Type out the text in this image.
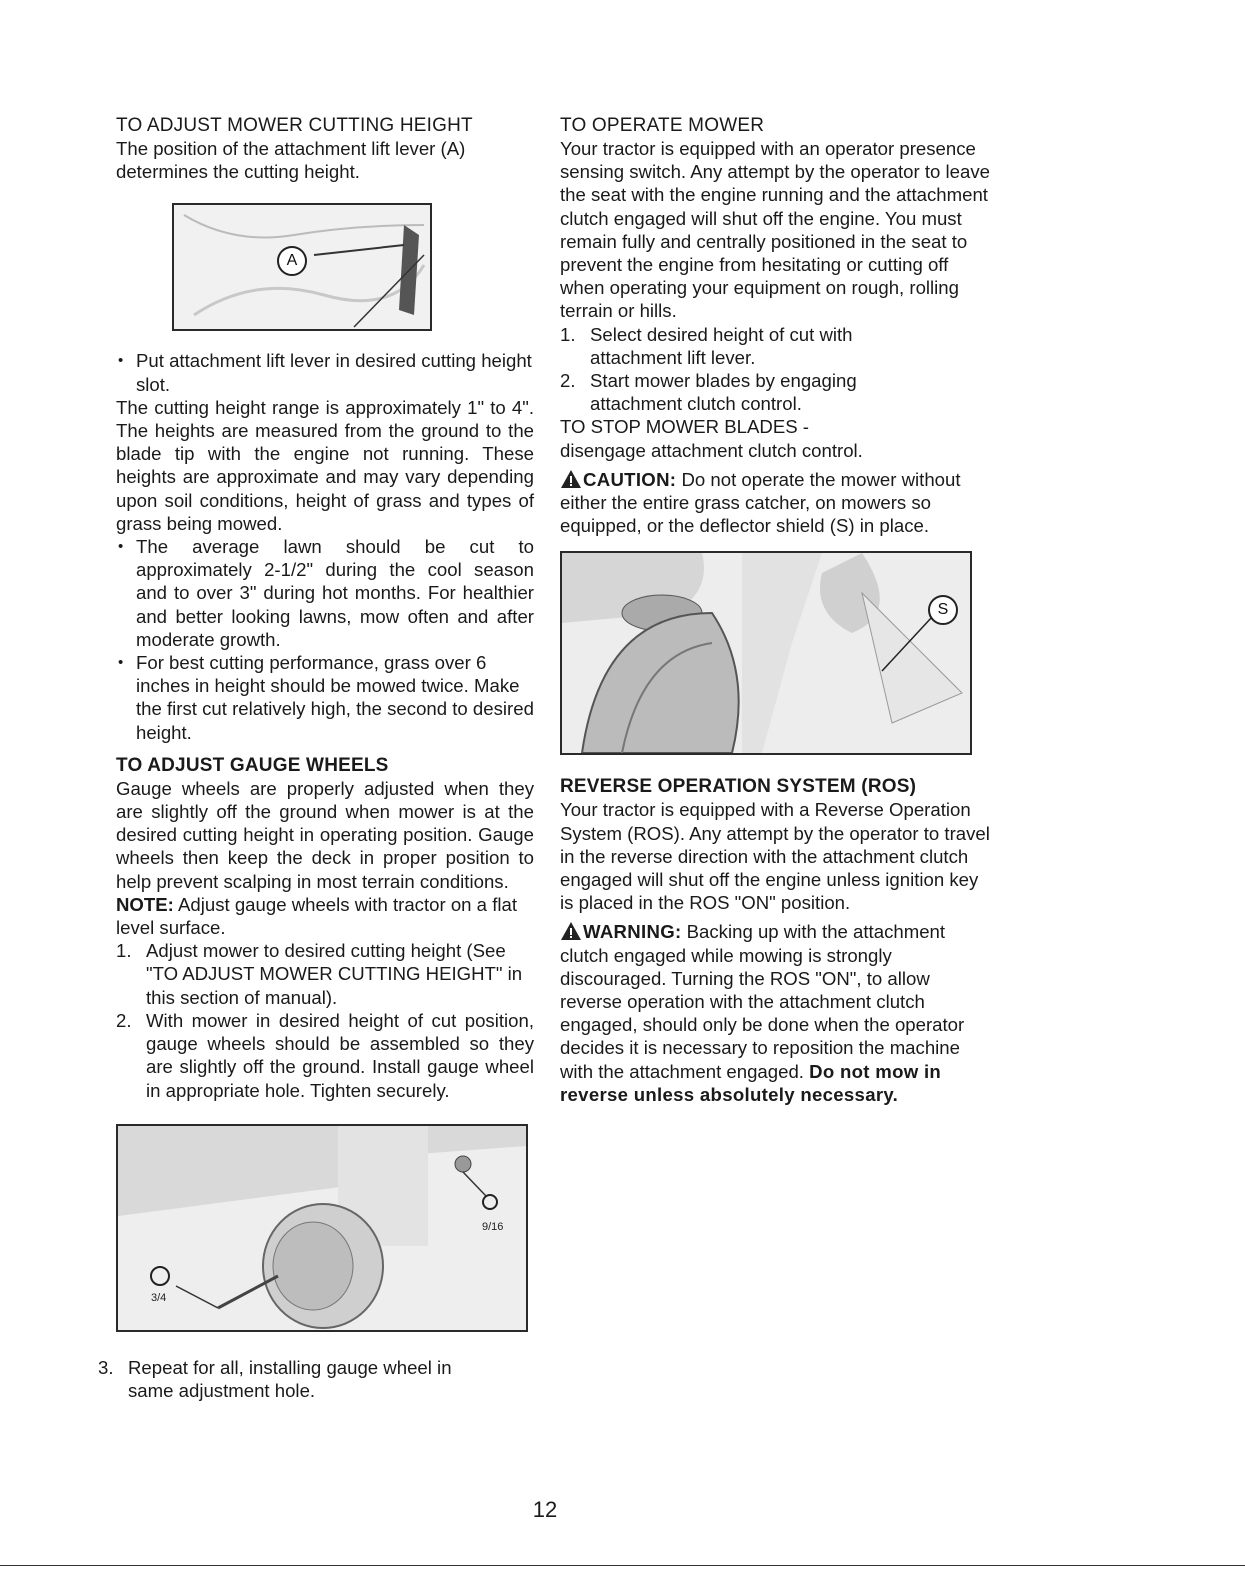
TO ADJUST MOWER CUTTING HEIGHT

The position of the attachment lift lever (A) determines the cutting height.

A
• Put attachment lift lever in desired cutting height slot.

The cutting height range is approximately 1" to 4". The heights are measured from the ground to the blade tip with the engine not running. These heights are approximate and may vary depending upon soil conditions, height of grass and types of grass being mowed.

• The average lawn should be cut to approximately 2-1/2" during the cool season and to over 3" during hot months. For healthier and better looking lawns, mow often and after moderate growth.
• For best cutting performance, grass over 6 inches in height should be mowed twice. Make the first cut relatively high, the second to desired height.
TO ADJUST GAUGE WHEELS

Gauge wheels are properly adjusted when they are slightly off the ground when mower is at the desired cutting height in operating position. Gauge wheels then keep the deck in proper position to help prevent scalping in most terrain conditions.

NOTE: Adjust gauge wheels with tractor on a flat level surface.

1. Adjust mower to desired cutting height (See "TO ADJUST MOWER CUTTING HEIGHT" in this section of manual).
2. With mower in desired height of cut position, gauge wheels should be assembled so they are slightly off the ground. Install gauge wheel in appropriate hole. Tighten securely.
9/16
3/4
3. Repeat for all, installing gauge wheel in same adjustment hole.
TO OPERATE MOWER

Your tractor is equipped with an operator presence sensing switch. Any attempt by the operator to leave the seat with the engine running and the attachment clutch engaged will shut off the engine. You must remain fully and centrally positioned in the seat to prevent the engine from hesitating or cutting off when operating your equipment on rough, rolling terrain or hills.

1. Select desired height of cut with attachment lift lever.
2. Start mower blades by engaging attachment clutch control.

TO STOP MOWER BLADES -

disengage attachment clutch control.

CAUTION: Do not operate the mower without either the entire grass catcher, on mowers so equipped, or the deflector shield (S) in place.

S
REVERSE OPERATION SYSTEM (ROS)

Your tractor is equipped with a Reverse Operation System (ROS). Any attempt by the operator to travel in the reverse direction with the attachment clutch engaged will shut off the engine unless ignition key is placed in the ROS "ON" position.

WARNING: Backing up with the attachment clutch engaged while mowing is strongly discouraged. Turning the ROS "ON", to allow reverse operation with the attachment clutch engaged, should only be done when the operator decides it is necessary to reposition the machine with the attachment engaged. Do not mow in reverse unless absolutely necessary.

12
